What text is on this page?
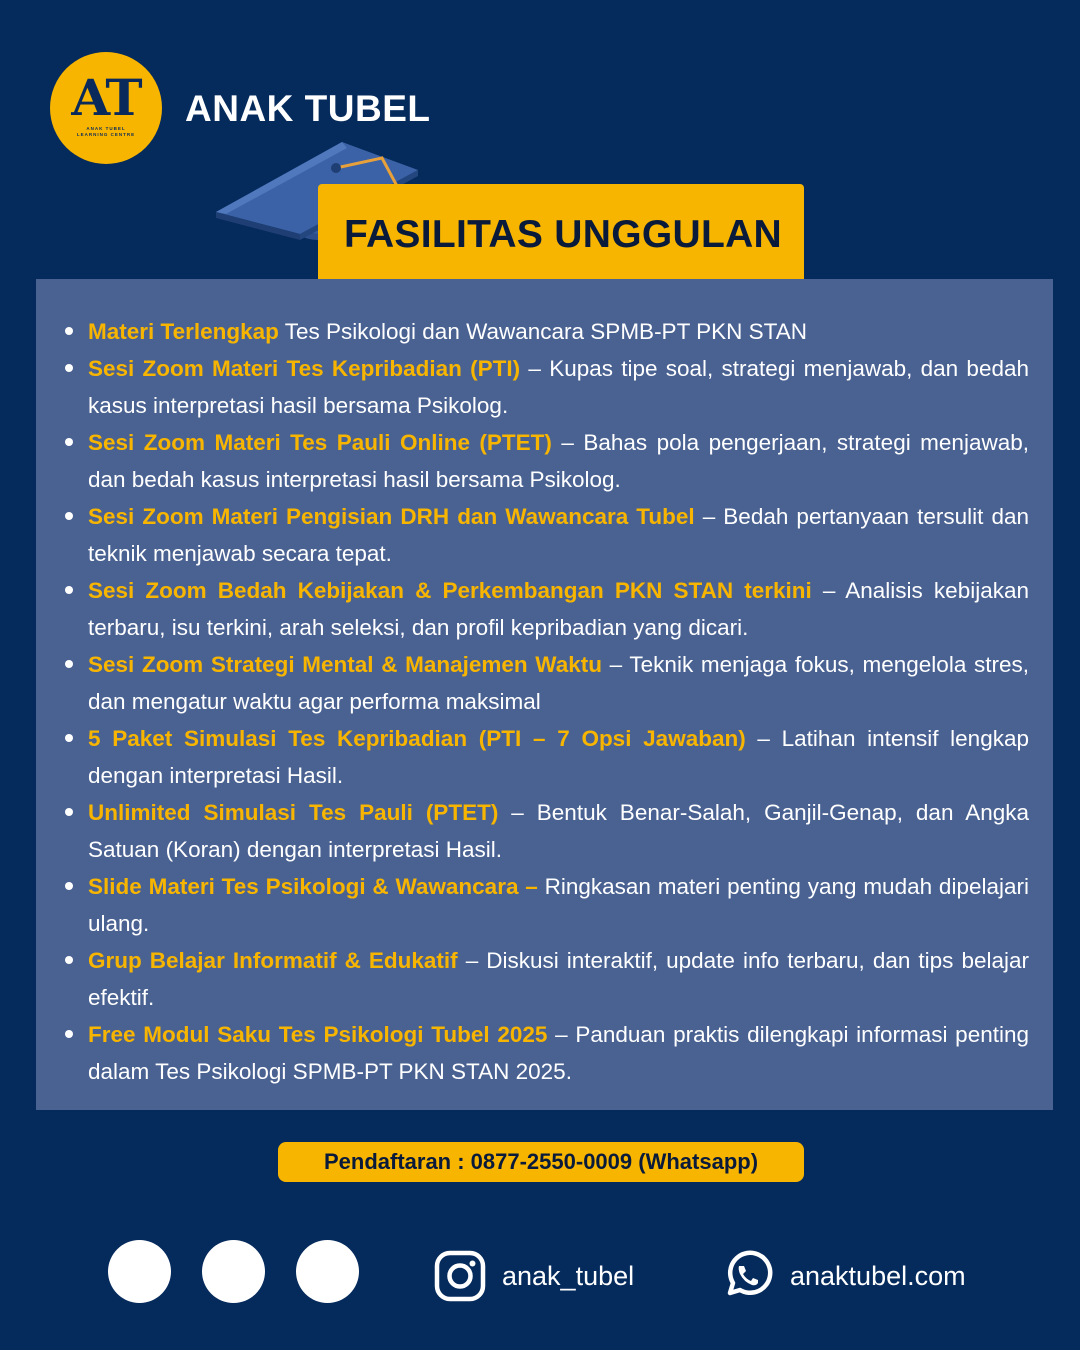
AT
ANAK TUBEL
LEARNING CENTRE
ANAK TUBEL
FASILITAS UNGGULAN
Materi Terlengkap Tes Psikologi dan Wawancara SPMB-PT PKN STAN
Sesi Zoom Materi Tes Kepribadian (PTI) – Kupas tipe soal, strategi menjawab, dan bedah kasus interpretasi hasil bersama Psikolog.
Sesi Zoom Materi Tes Pauli Online (PTET) – Bahas pola pengerjaan, strategi menjawab, dan bedah kasus interpretasi hasil bersama Psikolog.
Sesi Zoom Materi Pengisian DRH dan Wawancara Tubel – Bedah pertanyaan tersulit dan teknik menjawab secara tepat.
Sesi Zoom Bedah Kebijakan & Perkembangan PKN STAN terkini – Analisis kebijakan terbaru, isu terkini, arah seleksi, dan profil kepribadian yang dicari.
Sesi Zoom Strategi Mental & Manajemen Waktu – Teknik menjaga fokus, mengelola stres, dan mengatur waktu agar performa maksimal
5 Paket Simulasi Tes Kepribadian (PTI – 7 Opsi Jawaban) – Latihan intensif lengkap dengan interpretasi Hasil.
Unlimited Simulasi Tes Pauli (PTET) – Bentuk Benar-Salah, Ganjil-Genap, dan Angka Satuan (Koran) dengan interpretasi Hasil.
Slide Materi Tes Psikologi & Wawancara – Ringkasan materi penting yang mudah dipelajari ulang.
Grup Belajar Informatif & Edukatif – Diskusi interaktif, update info terbaru, dan tips belajar efektif.
Free Modul Saku Tes Psikologi Tubel 2025 – Panduan praktis dilengkapi informasi penting dalam Tes Psikologi SPMB-PT PKN STAN 2025.
Pendaftaran : 0877-2550-0009 (Whatsapp)
anak_tubel	anaktubel.com
